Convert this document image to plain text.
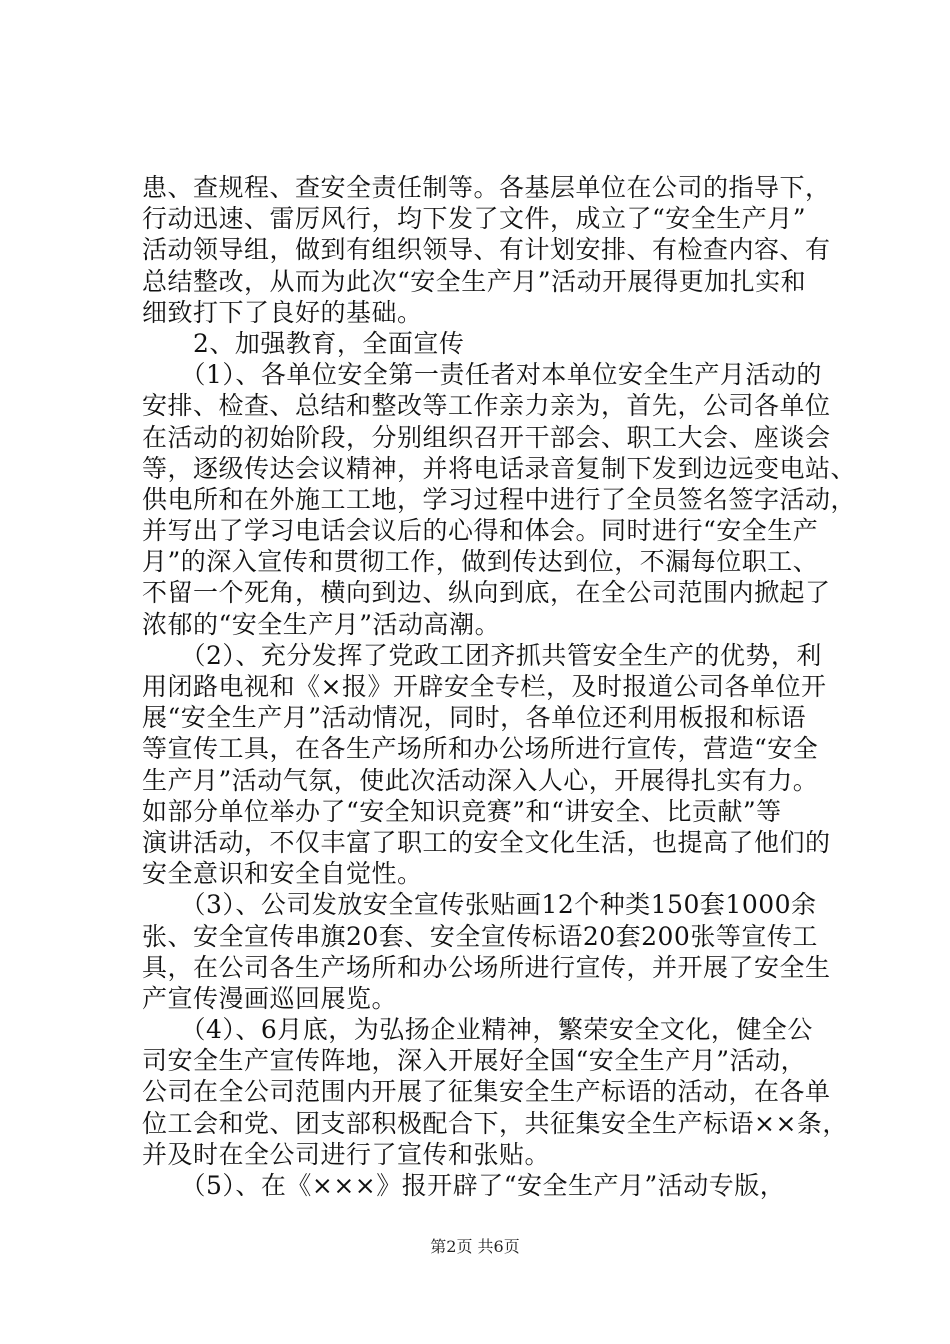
患、查规程、查安全责任制等。各基层单位在公司的指导下，
行动迅速、雷厉风行，均下发了文件，成立了“安全生产月”
活动领导组，做到有组织领导、有计划安排、有检查内容、有
总结整改，从而为此次“安全生产月”活动开展得更加扎实和
细致打下了良好的基础。
　　2、加强教育，全面宣传
　　（1）、各单位安全第一责任者对本单位安全生产月活动的
安排、检查、总结和整改等工作亲力亲为，首先，公司各单位
在活动的初始阶段，分别组织召开干部会、职工大会、座谈会
等，逐级传达会议精神，并将电话录音复制下发到边远变电站、
供电所和在外施工工地，学习过程中进行了全员签名签字活动，
并写出了学习电话会议后的心得和体会。同时进行“安全生产
月”的深入宣传和贯彻工作，做到传达到位，不漏每位职工、
不留一个死角，横向到边、纵向到底，在全公司范围内掀起了
浓郁的“安全生产月”活动高潮。
　　（2）、充分发挥了党政工团齐抓共管安全生产的优势，利
用闭路电视和《×报》开辟安全专栏，及时报道公司各单位开
展“安全生产月”活动情况，同时，各单位还利用板报和标语
等宣传工具，在各生产场所和办公场所进行宣传，营造“安全
生产月”活动气氛，使此次活动深入人心，开展得扎实有力。
如部分单位举办了“安全知识竞赛”和“讲安全、比贡献”等
演讲活动，不仅丰富了职工的安全文化生活，也提高了他们的
安全意识和安全自觉性。
　　（3）、公司发放安全宣传张贴画12个种类150套1000余
张、安全宣传串旗20套、安全宣传标语20套200张等宣传工
具，在公司各生产场所和办公场所进行宣传，并开展了安全生
产宣传漫画巡回展览。
　　（4）、6月底，为弘扬企业精神，繁荣安全文化，健全公
司安全生产宣传阵地，深入开展好全国“安全生产月”活动，
公司在全公司范围内开展了征集安全生产标语的活动，在各单
位工会和党、团支部积极配合下，共征集安全生产标语××条，
并及时在全公司进行了宣传和张贴。
　　（5）、在《×××》报开辟了“安全生产月”活动专版，
第2页 共6页
